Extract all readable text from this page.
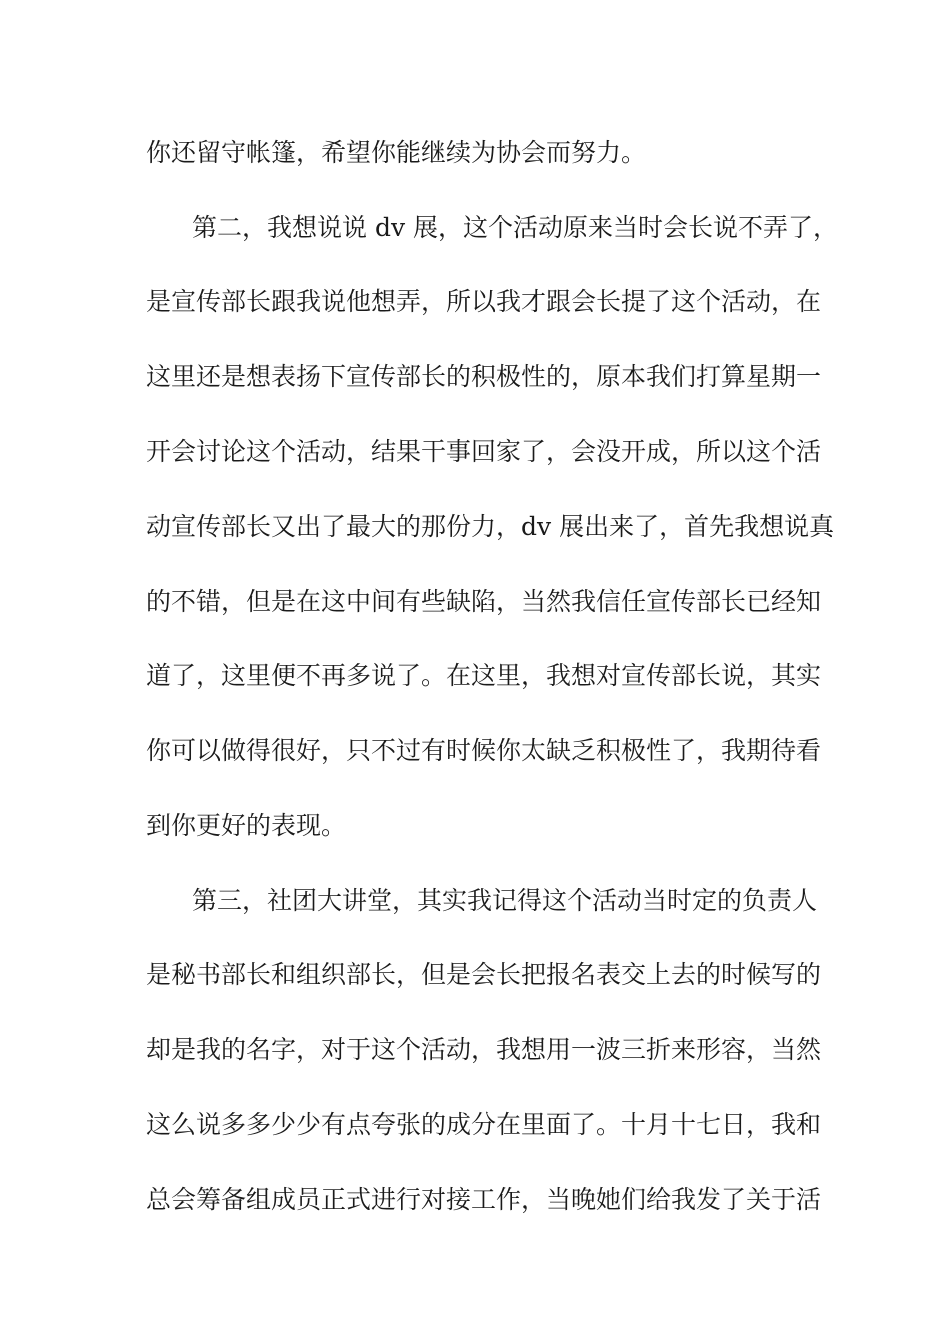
你还留守帐篷，希望你能继续为协会而努力。
第二，我想说说 dv 展，这个活动原来当时会长说不弄了，
是宣传部长跟我说他想弄，所以我才跟会长提了这个活动，在
这里还是想表扬下宣传部长的积极性的，原本我们打算星期一
开会讨论这个活动，结果干事回家了，会没开成，所以这个活
动宣传部长又出了最大的那份力，dv 展出来了，首先我想说真
的不错，但是在这中间有些缺陷，当然我信任宣传部长已经知
道了，这里便不再多说了。在这里，我想对宣传部长说，其实
你可以做得很好，只不过有时候你太缺乏积极性了，我期待看
到你更好的表现。
第三，社团大讲堂，其实我记得这个活动当时定的负责人
是秘书部长和组织部长，但是会长把报名表交上去的时候写的
却是我的名字，对于这个活动，我想用一波三折来形容，当然
这么说多多少少有点夸张的成分在里面了。十月十七日，我和
总会筹备组成员正式进行对接工作，当晚她们给我发了关于活
